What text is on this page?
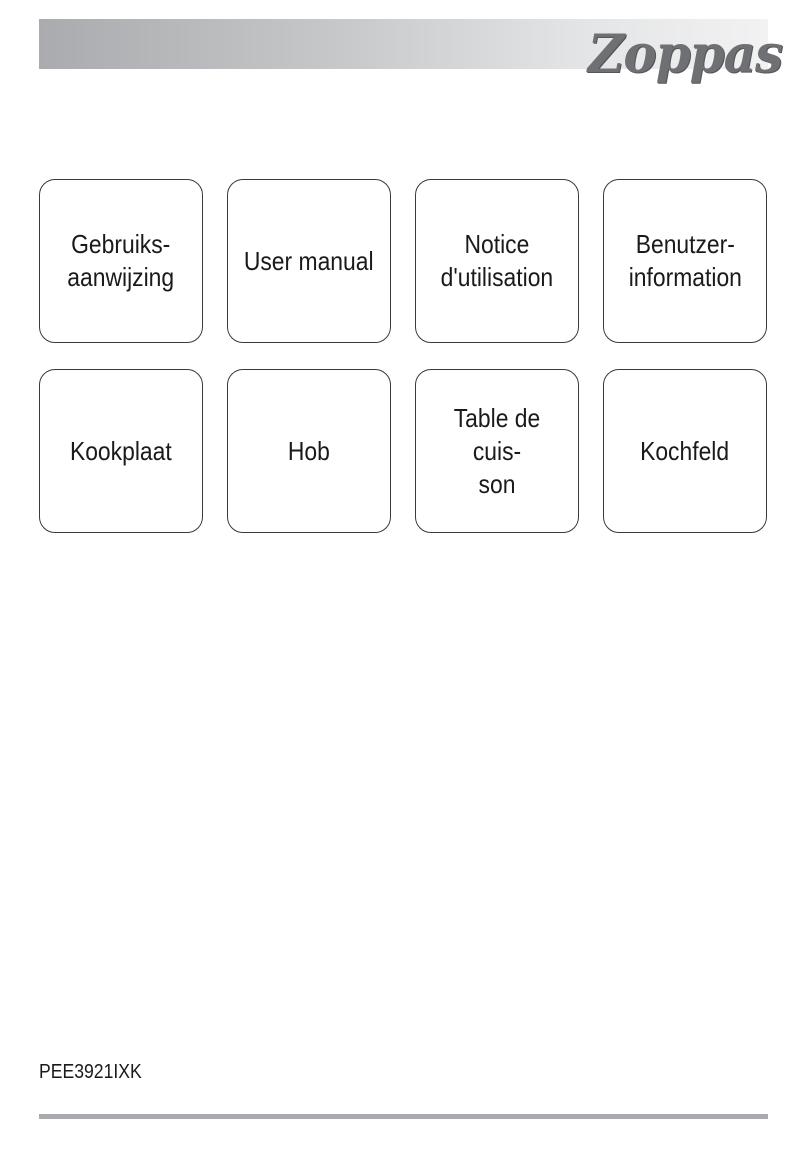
Zoppas
Gebruiks-
aanwijzing
User manual
Notice
d'utilisation
Benutzer-
information
Kookplaat	Hob
Table de cuis-
son
Kochfeld
PEE3921IXK
